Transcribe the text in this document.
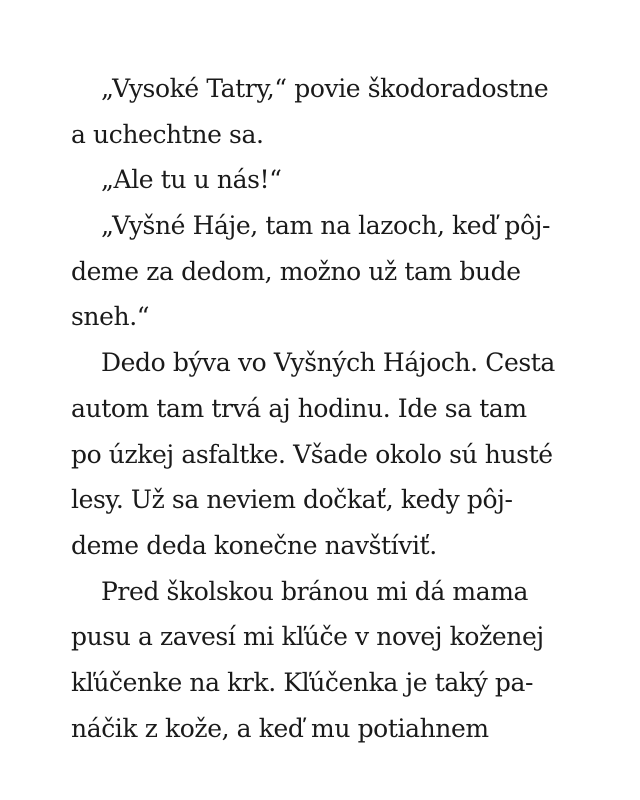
„Vysoké Tatry,“ povie škodoradostne
a uchechtne sa.
„Ale tu u nás!“
„Vyšné Háje, tam na lazoch, keď pôj-
deme za dedom, možno už tam bude
sneh.“
Dedo býva vo Vyšných Hájoch. Cesta
autom tam trvá aj hodinu. Ide sa tam
po úzkej asfaltke. Všade okolo sú husté
lesy. Už sa neviem dočkať, kedy pôj-
deme deda konečne navštíviť.
Pred školskou bránou mi dá mama
pusu a zavesí mi kľúče v novej koženej
kľúčenke na krk. Kľúčenka je taký pa-
náčik z kože, a keď mu potiahnem
